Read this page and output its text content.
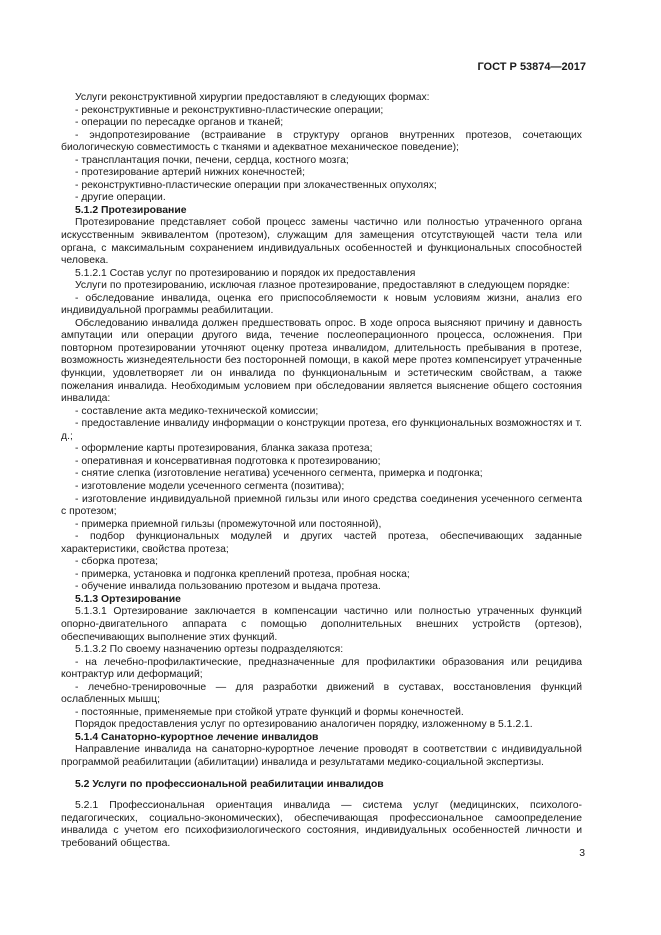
ГОСТ Р 53874—2017

Услуги реконструктивной хирургии предоставляют в следующих формах:

- реконструктивные и реконструктивно-пластические операции;

- операции по пересадке органов и тканей;

- эндопротезирование (встраивание в структуру органов внутренних протезов, сочетающих биологическую совместимость с тканями и адекватное механическое поведение);

- трансплантация почки, печени, сердца, костного мозга;

- протезирование артерий нижних конечностей;

- реконструктивно-пластические операции при злокачественных опухолях;

- другие операции.

5.1.2 Протезирование

Протезирование представляет собой процесс замены частично или полностью утраченного органа искусственным эквивалентом (протезом), служащим для замещения отсутствующей части тела или органа, с максимальным сохранением индивидуальных особенностей и функциональных способностей человека.

5.1.2.1 Состав услуг по протезированию и порядок их предоставления

Услуги по протезированию, исключая глазное протезирование, предоставляют в следующем порядке:

- обследование инвалида, оценка его приспособляемости к новым условиям жизни, анализ его индивидуальной программы реабилитации.

Обследованию инвалида должен предшествовать опрос. В ходе опроса выясняют причину и давность ампутации или операции другого вида, течение послеоперационного процесса, осложнения. При повторном протезировании уточняют оценку протеза инвалидом, длительность пребывания в протезе, возможность жизнедеятельности без посторонней помощи, в какой мере протез компенсирует утраченные функции, удовлетворяет ли он инвалида по функциональным и эстетическим свойствам, а также пожелания инвалида. Необходимым условием при обследовании является выяснение общего состояния инвалида:

- составление акта медико-технической комиссии;

- предоставление инвалиду информации о конструкции протеза, его функциональных возможностях и т. д.;

- оформление карты протезирования, бланка заказа протеза;

- оперативная и консервативная подготовка к протезированию;

- снятие слепка (изготовление негатива) усеченного сегмента, примерка и подгонка;

- изготовление модели усеченного сегмента (позитива);

- изготовление индивидуальной приемной гильзы или иного средства соединения усеченного сегмента с протезом;

- примерка приемной гильзы (промежуточной или постоянной),

- подбор функциональных модулей и других частей протеза, обеспечивающих заданные характеристики, свойства протеза;

- сборка протеза;

- примерка, установка и подгонка креплений протеза, пробная носка;

- обучение инвалида пользованию протезом и выдача протеза.

5.1.3 Ортезирование

5.1.3.1 Ортезирование заключается в компенсации частично или полностью утраченных функций опорно-двигательного аппарата с помощью дополнительных внешних устройств (ортезов), обеспечивающих выполнение этих функций.

5.1.3.2 По своему назначению ортезы подразделяются:

- на лечебно-профилактические, предназначенные для профилактики образования или рецидива контрактур или деформаций;

- лечебно-тренировочные — для разработки движений в суставах, восстановления функций ослабленных мышц;

- постоянные, применяемые при стойкой утрате функций и формы конечностей.

Порядок предоставления услуг по ортезированию аналогичен порядку, изложенному в 5.1.2.1.

5.1.4 Санаторно-курортное лечение инвалидов

Направление инвалида на санаторно-курортное лечение проводят в соответствии с индивидуальной программой реабилитации (абилитации) инвалида и результатами медико-социальной экспертизы.

5.2 Услуги по профессиональной реабилитации инвалидов

5.2.1 Профессиональная ориентация инвалида — система услуг (медицинских, психолого-педагогических, социально-экономических), обеспечивающая профессиональное самоопределение инвалида с учетом его психофизиологического состояния, индивидуальных особенностей личности и требований общества.

3
